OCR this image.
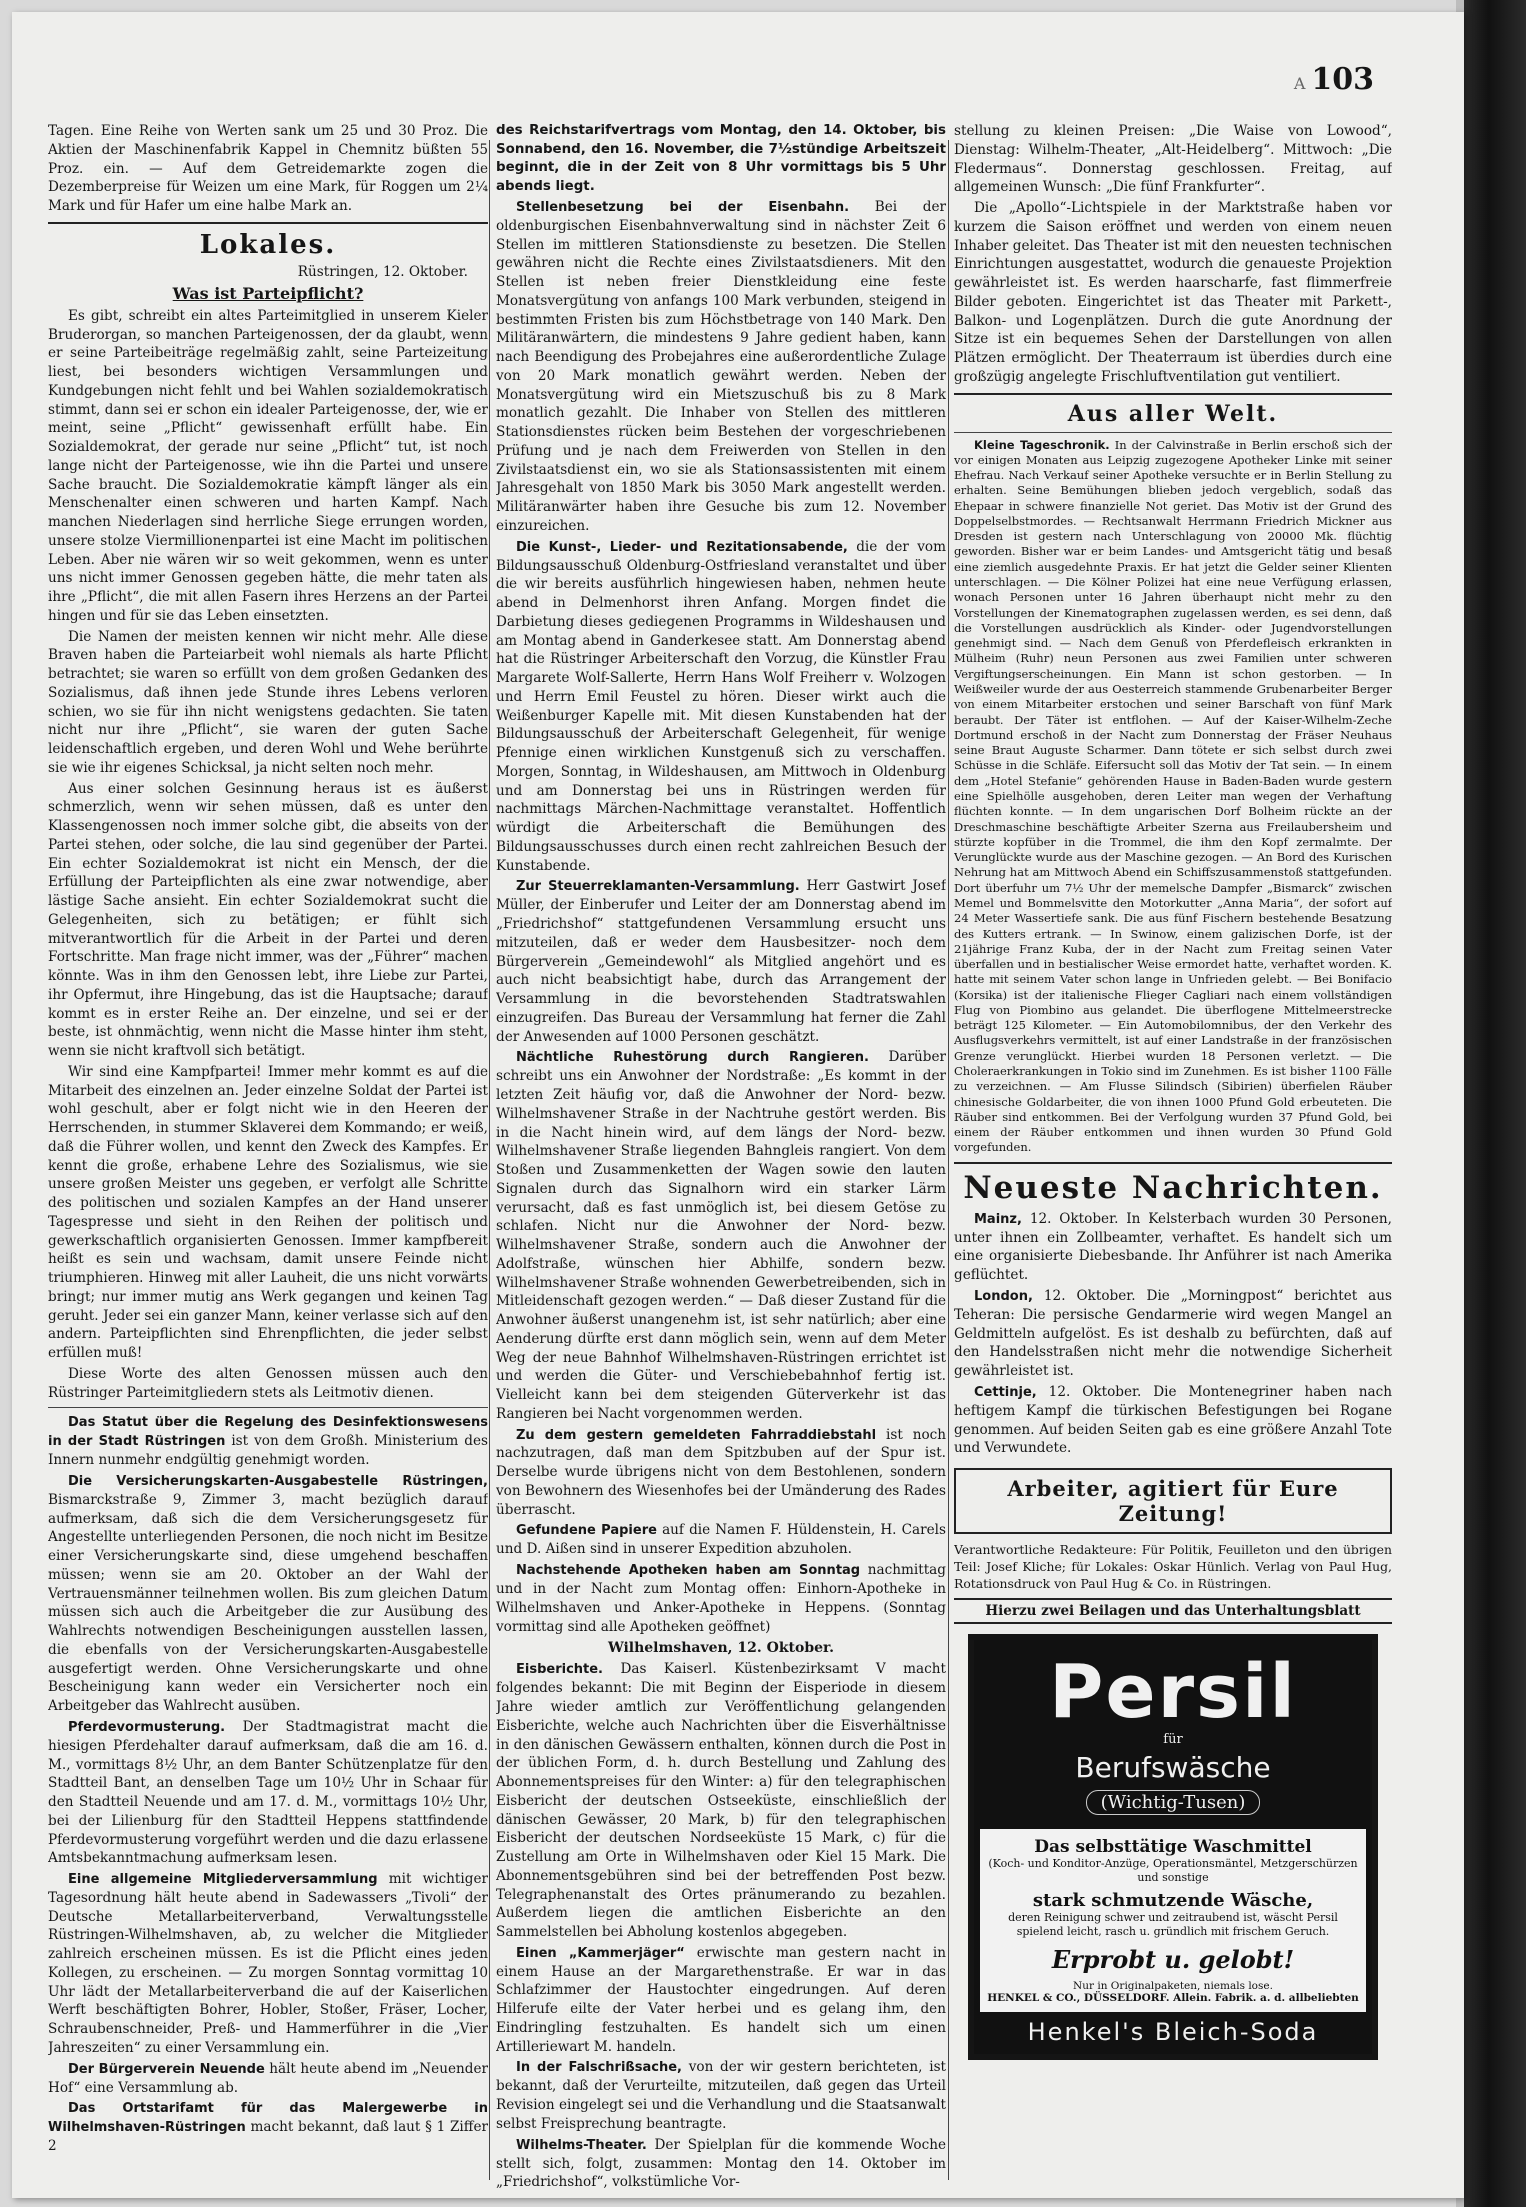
A 103

Tagen. Eine Reihe von Werten sank um 25 und 30 Proz. Die Aktien der Maschinenfabrik Kappel in Chemnitz büßten 55 Proz. ein. — Auf dem Getreidemarkte zogen die Dezemberpreise für Weizen um eine Mark, für Roggen um 2¼ Mark und für Hafer um eine halbe Mark an.

Lokales.
Rüstringen, 12. Oktober.
Was ist Parteipflicht?

Es gibt, schreibt ein altes Parteimitglied in unserem Kieler Bruderorgan, so manchen Parteigenossen, der da glaubt, wenn er seine Parteibeiträge regelmäßig zahlt, seine Parteizeitung liest, bei besonders wichtigen Versammlungen und Kundgebungen nicht fehlt und bei Wahlen sozialdemokratisch stimmt, dann sei er schon ein idealer Parteigenosse, der, wie er meint, seine „Pflicht“ gewissenhaft erfüllt habe. Ein Sozialdemokrat, der gerade nur seine „Pflicht“ tut, ist noch lange nicht der Parteigenosse, wie ihn die Partei und unsere Sache braucht. Die Sozialdemokratie kämpft länger als ein Menschenalter einen schweren und harten Kampf. Nach manchen Niederlagen sind herrliche Siege errungen worden, unsere stolze Viermillionenpartei ist eine Macht im politischen Leben. Aber nie wären wir so weit gekommen, wenn es unter uns nicht immer Genossen gegeben hätte, die mehr taten als ihre „Pflicht“, die mit allen Fasern ihres Herzens an der Partei hingen und für sie das Leben einsetzten.

Die Namen der meisten kennen wir nicht mehr. Alle diese Braven haben die Parteiarbeit wohl niemals als harte Pflicht betrachtet; sie waren so erfüllt von dem großen Gedanken des Sozialismus, daß ihnen jede Stunde ihres Lebens verloren schien, wo sie für ihn nicht wenigstens gedachten. Sie taten nicht nur ihre „Pflicht“, sie waren der guten Sache leidenschaftlich ergeben, und deren Wohl und Wehe berührte sie wie ihr eigenes Schicksal, ja nicht selten noch mehr.

Aus einer solchen Gesinnung heraus ist es äußerst schmerzlich, wenn wir sehen müssen, daß es unter den Klassengenossen noch immer solche gibt, die abseits von der Partei stehen, oder solche, die lau sind gegenüber der Partei. Ein echter Sozialdemokrat ist nicht ein Mensch, der die Erfüllung der Parteipflichten als eine zwar notwendige, aber lästige Sache ansieht. Ein echter Sozialdemokrat sucht die Gelegenheiten, sich zu betätigen; er fühlt sich mitverantwortlich für die Arbeit in der Partei und deren Fortschritte. Man frage nicht immer, was der „Führer“ machen könnte. Was in ihm den Genossen lebt, ihre Liebe zur Partei, ihr Opfermut, ihre Hingebung, das ist die Hauptsache; darauf kommt es in erster Reihe an. Der einzelne, und sei er der beste, ist ohnmächtig, wenn nicht die Masse hinter ihm steht, wenn sie nicht kraftvoll sich betätigt.

Wir sind eine Kampfpartei! Immer mehr kommt es auf die Mitarbeit des einzelnen an. Jeder einzelne Soldat der Partei ist wohl geschult, aber er folgt nicht wie in den Heeren der Herrschenden, in stummer Sklaverei dem Kommando; er weiß, daß die Führer wollen, und kennt den Zweck des Kampfes. Er kennt die große, erhabene Lehre des Sozialismus, wie sie unsere großen Meister uns gegeben, er verfolgt alle Schritte des politischen und sozialen Kampfes an der Hand unserer Tagespresse und sieht in den Reihen der politisch und gewerkschaftlich organisierten Genossen. Immer kampfbereit heißt es sein und wachsam, damit unsere Feinde nicht triumphieren. Hinweg mit aller Lauheit, die uns nicht vorwärts bringt; nur immer mutig ans Werk gegangen und keinen Tag geruht. Jeder sei ein ganzer Mann, keiner verlasse sich auf den andern. Parteipflichten sind Ehrenpflichten, die jeder selbst erfüllen muß!

Diese Worte des alten Genossen müssen auch den Rüstringer Parteimitgliedern stets als Leitmotiv dienen.

Das Statut über die Regelung des Desinfektionswesens in der Stadt Rüstringen ist von dem Großh. Ministerium des Innern nunmehr endgültig genehmigt worden.

Die Versicherungskarten-Ausgabestelle Rüstringen, Bismarckstraße 9, Zimmer 3, macht bezüglich darauf aufmerksam, daß sich die dem Versicherungsgesetz für Angestellte unterliegenden Personen, die noch nicht im Besitze einer Versicherungskarte sind, diese umgehend beschaffen müssen; wenn sie am 20. Oktober an der Wahl der Vertrauensmänner teilnehmen wollen. Bis zum gleichen Datum müssen sich auch die Arbeitgeber die zur Ausübung des Wahlrechts notwendigen Bescheinigungen ausstellen lassen, die ebenfalls von der Versicherungskarten-Ausgabestelle ausgefertigt werden. Ohne Versicherungskarte und ohne Bescheinigung kann weder ein Versicherter noch ein Arbeitgeber das Wahlrecht ausüben.

Pferdevormusterung. Der Stadtmagistrat macht die hiesigen Pferdehalter darauf aufmerksam, daß die am 16. d. M., vormittags 8½ Uhr, an dem Banter Schützenplatze für den Stadtteil Bant, an denselben Tage um 10½ Uhr in Schaar für den Stadtteil Neuende und am 17. d. M., vormittags 10½ Uhr, bei der Lilienburg für den Stadtteil Heppens stattfindende Pferdevormusterung vorgeführt werden und die dazu erlassene Amtsbekanntmachung aufmerksam lesen.

Eine allgemeine Mitgliederversammlung mit wichtiger Tagesordnung hält heute abend in Sadewassers „Tivoli“ der Deutsche Metallarbeiterverband, Verwaltungsstelle Rüstringen-Wilhelmshaven, ab, zu welcher die Mitglieder zahlreich erscheinen müssen. Es ist die Pflicht eines jeden Kollegen, zu erscheinen. — Zu morgen Sonntag vormittag 10 Uhr lädt der Metallarbeiterverband die auf der Kaiserlichen Werft beschäftigten Bohrer, Hobler, Stoßer, Fräser, Locher, Schraubenschneider, Preß- und Hammerführer in die „Vier Jahreszeiten“ zu einer Versammlung ein.

Der Bürgerverein Neuende hält heute abend im „Neuender Hof“ eine Versammlung ab.

Das Ortstarifamt für das Malergewerbe in Wilhelmshaven-Rüstringen macht bekannt, daß laut § 1 Ziffer 2

des Reichstarifvertrags vom Montag, den 14. Oktober, bis Sonnabend, den 16. November, die 7½stündige Arbeitszeit beginnt, die in der Zeit von 8 Uhr vormittags bis 5 Uhr abends liegt.

Stellenbesetzung bei der Eisenbahn. Bei der oldenburgischen Eisenbahnverwaltung sind in nächster Zeit 6 Stellen im mittleren Stationsdienste zu besetzen. Die Stellen gewähren nicht die Rechte eines Zivilstaatsdieners. Mit den Stellen ist neben freier Dienstkleidung eine feste Monatsvergütung von anfangs 100 Mark verbunden, steigend in bestimmten Fristen bis zum Höchstbetrage von 140 Mark. Den Militäranwärtern, die mindestens 9 Jahre gedient haben, kann nach Beendigung des Probejahres eine außerordentliche Zulage von 20 Mark monatlich gewährt werden. Neben der Monatsvergütung wird ein Mietszuschuß bis zu 8 Mark monatlich gezahlt. Die Inhaber von Stellen des mittleren Stationsdienstes rücken beim Bestehen der vorgeschriebenen Prüfung und je nach dem Freiwerden von Stellen in den Zivilstaatsdienst ein, wo sie als Stationsassistenten mit einem Jahresgehalt von 1850 Mark bis 3050 Mark angestellt werden. Militäranwärter haben ihre Gesuche bis zum 12. November einzureichen.

Die Kunst-, Lieder- und Rezitationsabende, die der vom Bildungsausschuß Oldenburg-Ostfriesland veranstaltet und über die wir bereits ausführlich hingewiesen haben, nehmen heute abend in Delmenhorst ihren Anfang. Morgen findet die Darbietung dieses gediegenen Programms in Wildeshausen und am Montag abend in Ganderkesee statt. Am Donnerstag abend hat die Rüstringer Arbeiterschaft den Vorzug, die Künstler Frau Margarete Wolf-Sallerte, Herrn Hans Wolf Freiherr v. Wolzogen und Herrn Emil Feustel zu hören. Dieser wirkt auch die Weißenburger Kapelle mit. Mit diesen Kunstabenden hat der Bildungsausschuß der Arbeiterschaft Gelegenheit, für wenige Pfennige einen wirklichen Kunstgenuß sich zu verschaffen. Morgen, Sonntag, in Wildeshausen, am Mittwoch in Oldenburg und am Donnerstag bei uns in Rüstringen werden für nachmittags Märchen-Nachmittage veranstaltet. Hoffentlich würdigt die Arbeiterschaft die Bemühungen des Bildungsausschusses durch einen recht zahlreichen Besuch der Kunstabende.

Zur Steuerreklamanten-Versammlung. Herr Gastwirt Josef Müller, der Einberufer und Leiter der am Donnerstag abend im „Friedrichshof“ stattgefundenen Versammlung ersucht uns mitzuteilen, daß er weder dem Hausbesitzer- noch dem Bürgerverein „Gemeindewohl“ als Mitglied angehört und es auch nicht beabsichtigt habe, durch das Arrangement der Versammlung in die bevorstehenden Stadtratswahlen einzugreifen. Das Bureau der Versammlung hat ferner die Zahl der Anwesenden auf 1000 Personen geschätzt.

Nächtliche Ruhestörung durch Rangieren. Darüber schreibt uns ein Anwohner der Nordstraße: „Es kommt in der letzten Zeit häufig vor, daß die Anwohner der Nord- bezw. Wilhelmshavener Straße in der Nachtruhe gestört werden. Bis in die Nacht hinein wird, auf dem längs der Nord- bezw. Wilhelmshavener Straße liegenden Bahngleis rangiert. Von dem Stoßen und Zusammenketten der Wagen sowie den lauten Signalen durch das Signalhorn wird ein starker Lärm verursacht, daß es fast unmöglich ist, bei diesem Getöse zu schlafen. Nicht nur die Anwohner der Nord- bezw. Wilhelmshavener Straße, sondern auch die Anwohner der Adolfstraße, wünschen hier Abhilfe, sondern bezw. Wilhelmshavener Straße wohnenden Gewerbetreibenden, sich in Mitleidenschaft gezogen werden.“ — Daß dieser Zustand für die Anwohner äußerst unangenehm ist, ist sehr natürlich; aber eine Aenderung dürfte erst dann möglich sein, wenn auf dem Meter Weg der neue Bahnhof Wilhelmshaven-Rüstringen errichtet ist und werden die Güter- und Verschiebebahnhof fertig ist. Vielleicht kann bei dem steigenden Güterverkehr ist das Rangieren bei Nacht vorgenommen werden.

Zu dem gestern gemeldeten Fahrraddiebstahl ist noch nachzutragen, daß man dem Spitzbuben auf der Spur ist. Derselbe wurde übrigens nicht von dem Bestohlenen, sondern von Bewohnern des Wiesenhofes bei der Umänderung des Rades überrascht.

Gefundene Papiere auf die Namen F. Hüldenstein, H. Carels und D. Aißen sind in unserer Expedition abzuholen.

Nachstehende Apotheken haben am Sonntag nachmittag und in der Nacht zum Montag offen: Einhorn-Apotheke in Wilhelmshaven und Anker-Apotheke in Heppens. (Sonntag vormittag sind alle Apotheken geöffnet)

Wilhelmshaven, 12. Oktober.

Eisberichte. Das Kaiserl. Küstenbezirksamt V macht folgendes bekannt: Die mit Beginn der Eisperiode in diesem Jahre wieder amtlich zur Veröffentlichung gelangenden Eisberichte, welche auch Nachrichten über die Eisverhältnisse in den dänischen Gewässern enthalten, können durch die Post in der üblichen Form, d. h. durch Bestellung und Zahlung des Abonnementspreises für den Winter: a) für den telegraphischen Eisbericht der deutschen Ostseeküste, einschließlich der dänischen Gewässer, 20 Mark, b) für den telegraphischen Eisbericht der deutschen Nordseeküste 15 Mark, c) für die Zustellung am Orte in Wilhelmshaven oder Kiel 15 Mark. Die Abonnementsgebühren sind bei der betreffenden Post bezw. Telegraphenanstalt des Ortes pränumerando zu bezahlen. Außerdem liegen die amtlichen Eisberichte an den Sammelstellen bei Abholung kostenlos abgegeben.

Einen „Kammerjäger“ erwischte man gestern nacht in einem Hause an der Margarethenstraße. Er war in das Schlafzimmer der Haustochter eingedrungen. Auf deren Hilferufe eilte der Vater herbei und es gelang ihm, den Eindringling festzuhalten. Es handelt sich um einen Artilleriewart M. handeln.

In der Falschrißsache, von der wir gestern berichteten, ist bekannt, daß der Verurteilte, mitzuteilen, daß gegen das Urteil Revision eingelegt sei und die Verhandlung und die Staatsanwalt selbst Freisprechung beantragte.

Wilhelms-Theater. Der Spielplan für die kommende Woche stellt sich, folgt, zusammen: Montag den 14. Oktober im „Friedrichshof“, volkstümliche Vor-

stellung zu kleinen Preisen: „Die Waise von Lowood“, Dienstag: Wilhelm-Theater, „Alt-Heidelberg“. Mittwoch: „Die Fledermaus“. Donnerstag geschlossen. Freitag, auf allgemeinen Wunsch: „Die fünf Frankfurter“.

Die „Apollo“-Lichtspiele in der Marktstraße haben vor kurzem die Saison eröffnet und werden von einem neuen Inhaber geleitet. Das Theater ist mit den neuesten technischen Einrichtungen ausgestattet, wodurch die genaueste Projektion gewährleistet ist. Es werden haarscharfe, fast flimmerfreie Bilder geboten. Eingerichtet ist das Theater mit Parkett-, Balkon- und Logenplätzen. Durch die gute Anordnung der Sitze ist ein bequemes Sehen der Darstellungen von allen Plätzen ermöglicht. Der Theaterraum ist überdies durch eine großzügig angelegte Frischluftventilation gut ventiliert.

Aus aller Welt.

Kleine Tageschronik. In der Calvinstraße in Berlin erschoß sich der vor einigen Monaten aus Leipzig zugezogene Apotheker Linke mit seiner Ehefrau. Nach Verkauf seiner Apotheke versuchte er in Berlin Stellung zu erhalten. Seine Bemühungen blieben jedoch vergeblich, sodaß das Ehepaar in schwere finanzielle Not geriet. Das Motiv ist der Grund des Doppelselbstmordes. — Rechtsanwalt Herrmann Friedrich Mickner aus Dresden ist gestern nach Unterschlagung von 20000 Mk. flüchtig geworden. Bisher war er beim Landes- und Amtsgericht tätig und besaß eine ziemlich ausgedehnte Praxis. Er hat jetzt die Gelder seiner Klienten unterschlagen. — Die Kölner Polizei hat eine neue Verfügung erlassen, wonach Personen unter 16 Jahren überhaupt nicht mehr zu den Vorstellungen der Kinematographen zugelassen werden, es sei denn, daß die Vorstellungen ausdrücklich als Kinder- oder Jugendvorstellungen genehmigt sind. — Nach dem Genuß von Pferdefleisch erkrankten in Mülheim (Ruhr) neun Personen aus zwei Familien unter schweren Vergiftungserscheinungen. Ein Mann ist schon gestorben. — In Weißweiler wurde der aus Oesterreich stammende Grubenarbeiter Berger von einem Mitarbeiter erstochen und seiner Barschaft von fünf Mark beraubt. Der Täter ist entflohen. — Auf der Kaiser-Wilhelm-Zeche Dortmund erschoß in der Nacht zum Donnerstag der Fräser Neuhaus seine Braut Auguste Scharmer. Dann tötete er sich selbst durch zwei Schüsse in die Schläfe. Eifersucht soll das Motiv der Tat sein. — In einem dem „Hotel Stefanie“ gehörenden Hause in Baden-Baden wurde gestern eine Spielhölle ausgehoben, deren Leiter man wegen der Verhaftung flüchten konnte. — In dem ungarischen Dorf Bolheim rückte an der Dreschmaschine beschäftigte Arbeiter Szerna aus Freilaubersheim und stürzte kopfüber in die Trommel, die ihm den Kopf zermalmte. Der Verunglückte wurde aus der Maschine gezogen. — An Bord des Kurischen Nehrung hat am Mittwoch Abend ein Schiffszusammenstoß stattgefunden. Dort überfuhr um 7½ Uhr der memelsche Dampfer „Bismarck“ zwischen Memel und Bommelsvitte den Motorkutter „Anna Maria“, der sofort auf 24 Meter Wassertiefe sank. Die aus fünf Fischern bestehende Besatzung des Kutters ertrank. — In Swinow, einem galizischen Dorfe, ist der 21jährige Franz Kuba, der in der Nacht zum Freitag seinen Vater überfallen und in bestialischer Weise ermordet hatte, verhaftet worden. K. hatte mit seinem Vater schon lange in Unfrieden gelebt. — Bei Bonifacio (Korsika) ist der italienische Flieger Cagliari nach einem vollständigen Flug von Piombino aus gelandet. Die überflogene Mittelmeerstrecke beträgt 125 Kilometer. — Ein Automobilomnibus, der den Verkehr des Ausflugsverkehrs vermittelt, ist auf einer Landstraße in der französischen Grenze verunglückt. Hierbei wurden 18 Personen verletzt. — Die Choleraerkrankungen in Tokio sind im Zunehmen. Es ist bisher 1100 Fälle zu verzeichnen. — Am Flusse Silindsch (Sibirien) überfielen Räuber chinesische Goldarbeiter, die von ihnen 1000 Pfund Gold erbeuteten. Die Räuber sind entkommen. Bei der Verfolgung wurden 37 Pfund Gold, bei einem der Räuber entkommen und ihnen wurden 30 Pfund Gold vorgefunden.

Neueste Nachrichten.

Mainz, 12. Oktober. In Kelsterbach wurden 30 Personen, unter ihnen ein Zollbeamter, verhaftet. Es handelt sich um eine organisierte Diebesbande. Ihr Anführer ist nach Amerika geflüchtet.

London, 12. Oktober. Die „Morningpost“ berichtet aus Teheran: Die persische Gendarmerie wird wegen Mangel an Geldmitteln aufgelöst. Es ist deshalb zu befürchten, daß auf den Handelsstraßen nicht mehr die notwendige Sicherheit gewährleistet ist.

Cettinje, 12. Oktober. Die Montenegriner haben nach heftigem Kampf die türkischen Befestigungen bei Rogane genommen. Auf beiden Seiten gab es eine größere Anzahl Tote und Verwundete.

Arbeiter, agitiert für Eure Zeitung!
Verantwortliche Redakteure: Für Politik, Feuilleton und den übrigen Teil: Josef Kliche; für Lokales: Oskar Hünlich. Verlag von Paul Hug, Rotationsdruck von Paul Hug & Co. in Rüstringen.
Hierzu zwei Beilagen und das Unterhaltungsblatt
Persil
für
Berufswäsche
(Wichtig-Tusen)
Das selbsttätige Waschmittel
(Koch- und Konditor-Anzüge, Operationsmäntel, Metzgerschürzen und sonstige
stark schmutzende Wäsche,
deren Reinigung schwer und zeitraubend ist, wäscht Persil spielend leicht, rasch u. gründlich mit frischem Geruch.
Erprobt u. gelobt!
Nur in Originalpaketen, niemals lose.
HENKEL & CO., DÜSSELDORF. Allein. Fabrik. a. d. allbeliebten
Henkel's Bleich-Soda
